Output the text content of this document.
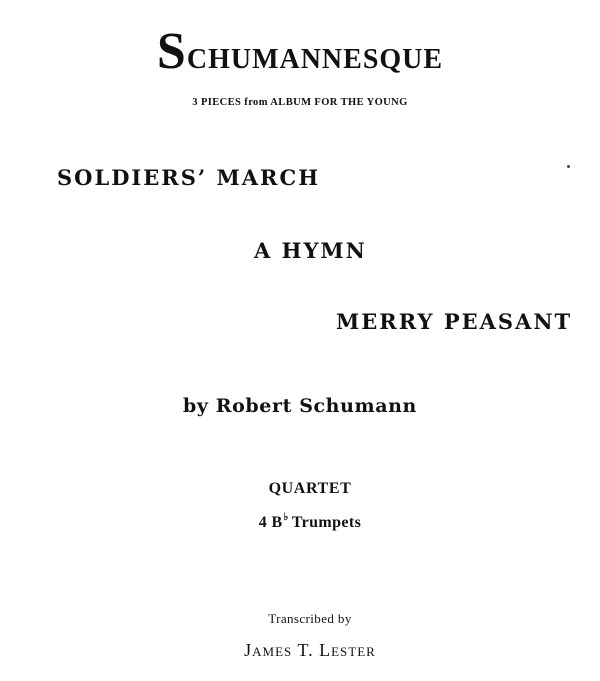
Schumannesque
3 PIECES from ALBUM FOR THE YOUNG
SOLDIERS’ MARCH
A HYMN
MERRY PEASANT
by Robert Schumann
QUARTET
4 B♭ Trumpets
Transcribed by
James T. Lester
